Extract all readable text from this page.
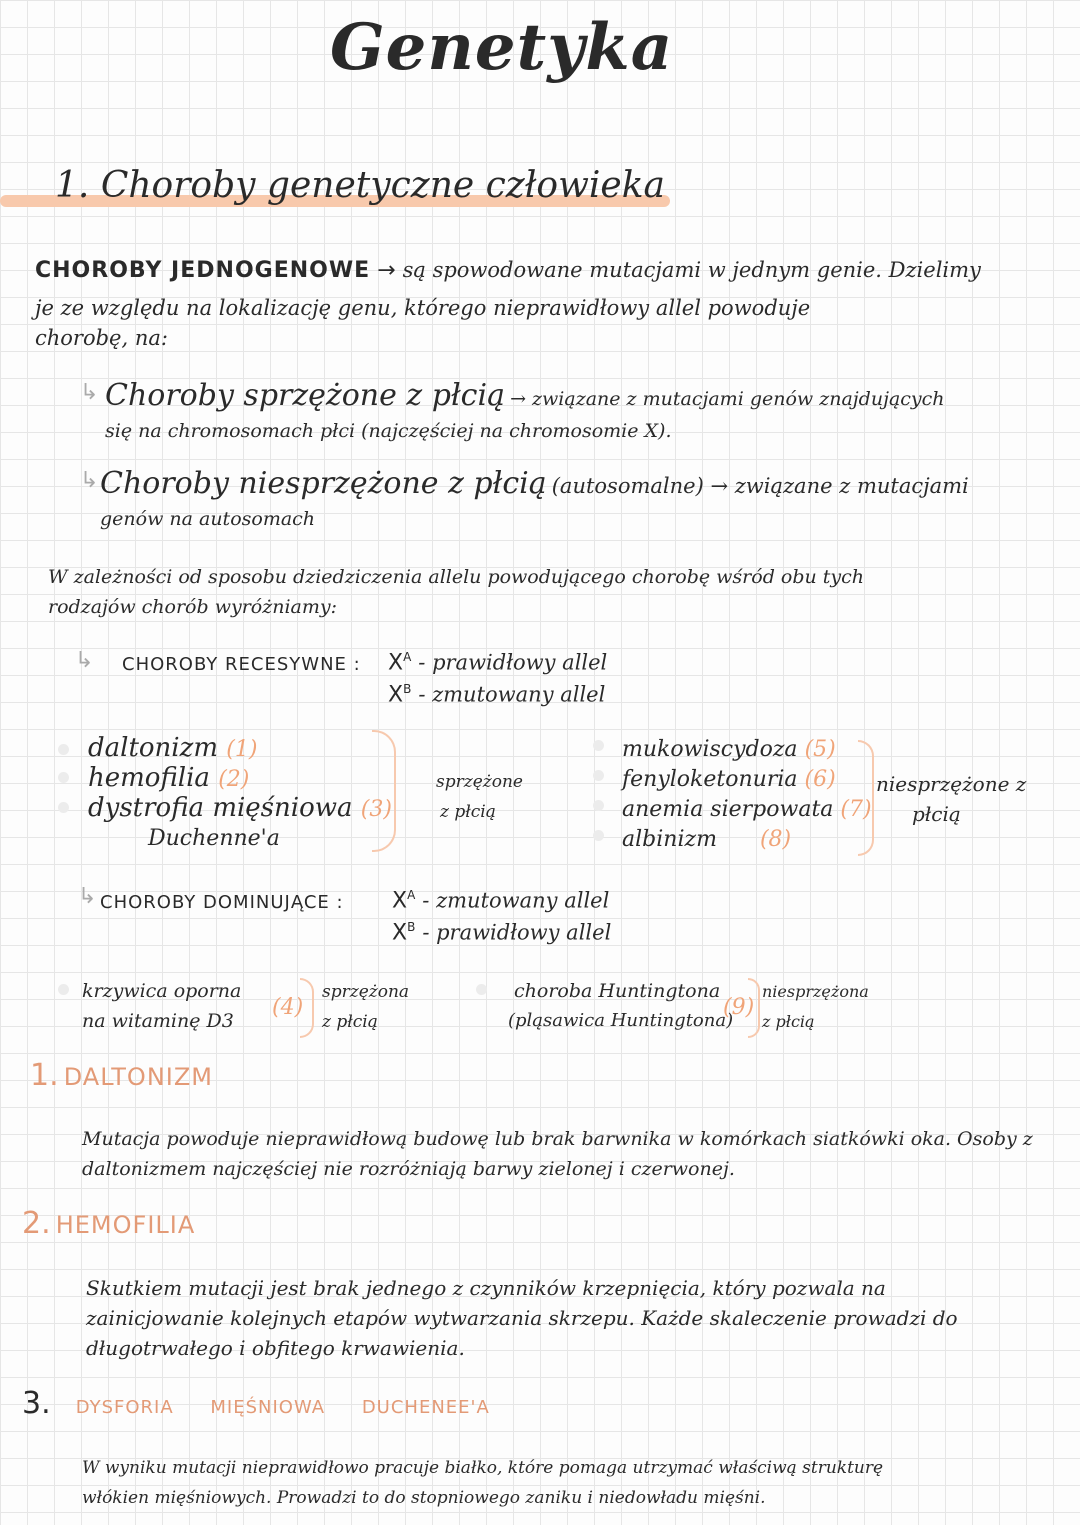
Genetyka
1. Choroby genetyczne człowieka
CHOROBY JEDNOGENOWE → są spowodowane mutacjami w jednym genie. Dzielimy
je ze względu na lokalizację genu, którego nieprawidłowy allel powoduje
chorobę, na:
↳ Choroby sprzężone z płcią → związane z mutacjami genów znajdujących
się na chromosomach płci (najczęściej na chromosomie X).
↳ Choroby niesprzężone z płcią (autosomalne) → związane z mutacjami
genów na autosomach
W zależności od sposobu dziedziczenia allelu powodującego chorobę wśród obu tych
rodzajów chorób wyróżniamy:
↳ CHOROBY RECESYWNE : $X^A$ - prawidłowy allel
$X^B$ - zmutowany allel
daltonizm (1)
hemofilia (2)
dystrofia mięśniowa (3)
Duchenne'a
sprzężone
z płcią
mukowiscydoza (5)
fenyloketonuria (6)
anemia sierpowata (7)
albinizm (8)
niesprzężone z
płcią
↳ CHOROBY DOMINUJĄCE : $X^A$ - zmutowany allel
$X^B$ - prawidłowy allel
krzywica oporna
na witaminę D3
(4)
sprzężona
z płcią
choroba Huntingtona
(pląsawica Huntingtona)
(9)
niesprzężona
z płcią
1. DALTONIZM
Mutacja powoduje nieprawidłową budowę lub brak barwnika w komórkach siatkówki oka. Osoby z
daltonizmem najczęściej nie rozróżniają barwy zielonej i czerwonej.
2. HEMOFILIA
Skutkiem mutacji jest brak jednego z czynników krzepnięcia, który pozwala na
zainicjowanie kolejnych etapów wytwarzania skrzepu. Każde skaleczenie prowadzi do
długotrwałego i obfitego krwawienia.
3. DYSFORIA MIĘŚNIOWA DUCHENEE'A
W wyniku mutacji nieprawidłowo pracuje białko, które pomaga utrzymać właściwą strukturę
włókien mięśniowych. Prowadzi to do stopniowego zaniku i niedowładu mięśni.
